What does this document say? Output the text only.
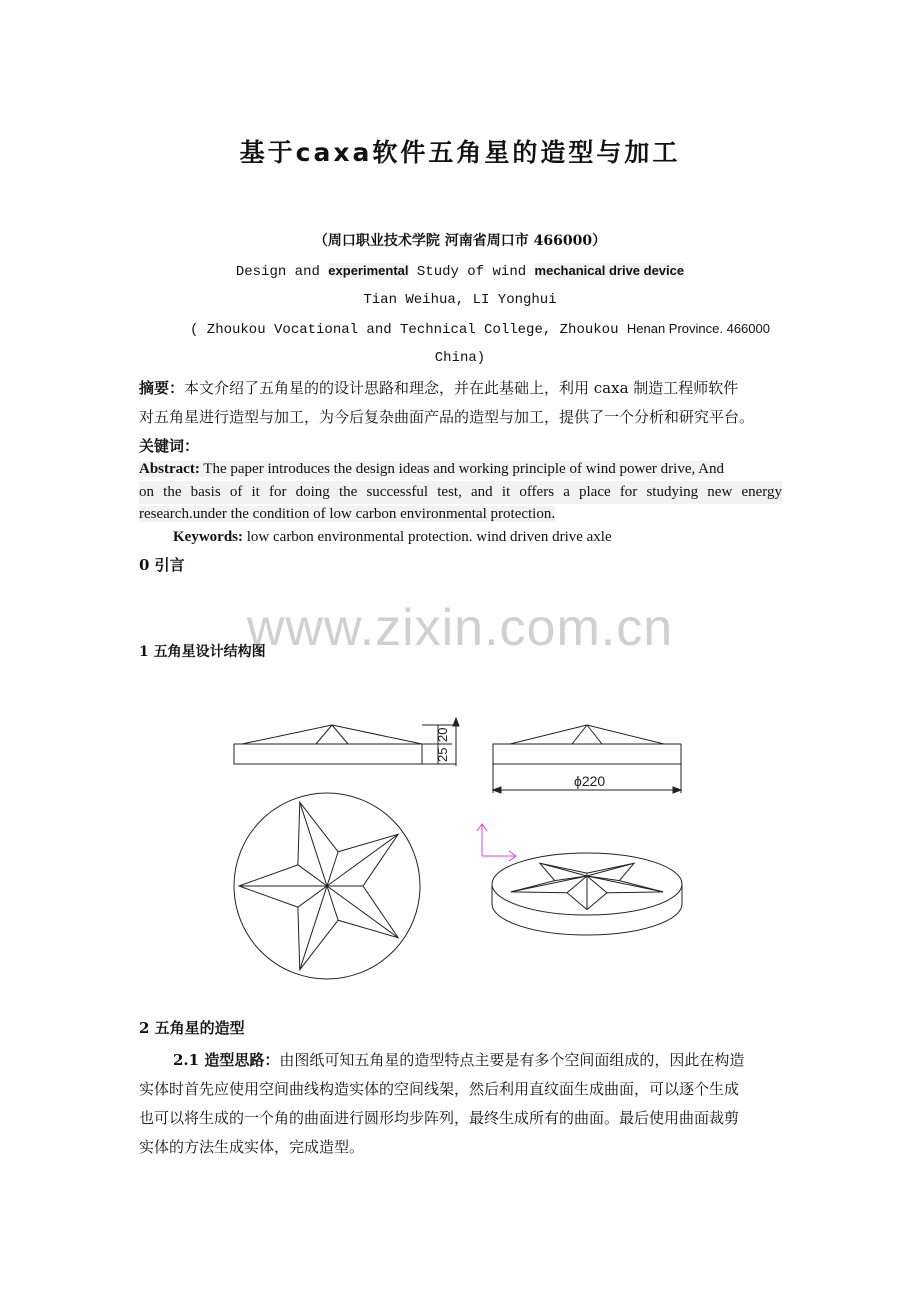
基于caxa软件五角星的造型与加工
（周口职业技术学院 河南省周口市 466000）
Design and experimental Study of wind mechanical drive device
Tian Weihua, LI Yonghui
( Zhoukou Vocational and Technical College, Zhoukou Henan Province. 466000
China)
摘要：本文介绍了五角星的的设计思路和理念，并在此基础上，利用 caxa 制造工程师软件
对五角星进行造型与加工，为今后复杂曲面产品的造型与加工，提供了一个分析和研究平台。
关键词：
Abstract: The paper introduces the design ideas and working principle of wind power drive, And
on the basis of it for doing the successful test, and it offers a place for studying new energy
research.under the condition of low carbon environmental protection.
Keywords: low carbon environmental protection. wind driven drive axle
0 引言
www.zixin.com.cn
1 五角星设计结构图
25
20
ϕ220
2 五角星的造型
2.1 造型思路：由图纸可知五角星的造型特点主要是有多个空间面组成的，因此在构造
实体时首先应使用空间曲线构造实体的空间线架，然后利用直纹面生成曲面，可以逐个生成
也可以将生成的一个角的曲面进行圆形均步阵列，最终生成所有的曲面。最后使用曲面裁剪
实体的方法生成实体，完成造型。
